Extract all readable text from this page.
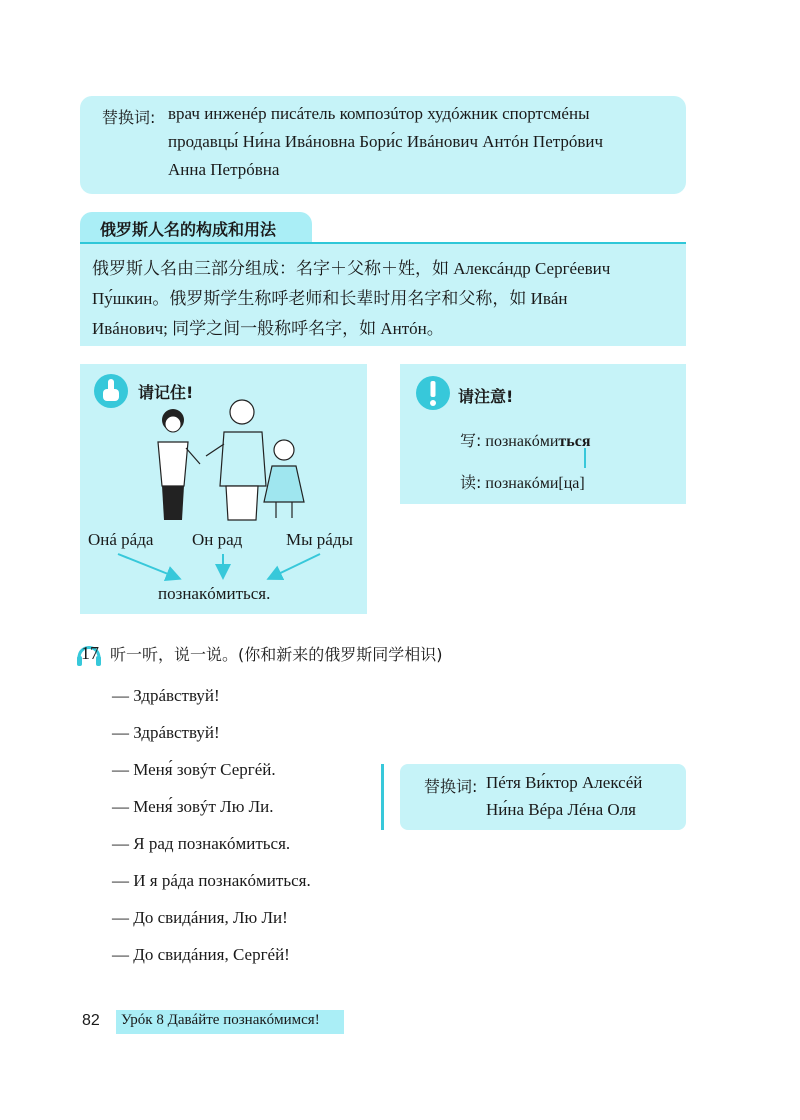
替换词: врач инженéр писáтель композúтор худóжник спортсмéны
продавцы́ Ни́на Ивáновна Бори́с Ивáнович Антóн Петрóвич
Анна Петрóвна
俄罗斯人名的构成和用法
俄罗斯人名由三部分组成：名字＋父称＋姓，如 Алексáндр Сергéевич
Пу́шкин。俄罗斯学生称呼老师和长辈时用名字和父称，如 Ивáн
Ивáнович; 同学之间一般称呼名字，如 Антóн。
请记住!
Онá рáда Он рад	Мы рáды
познакóмиться.
请注意!
写: познакóмиться
读: познакóми[ца]
17 听一听，说一说。(你和新来的俄罗斯同学相识)
— Здрáвствуй!
— Здрáвствуй!
— Меня́ зовýт Сергéй.
— Меня́ зовýт Лю Ли.
— Я рад познакóмиться.
— И я рáда познакóмиться.
— До свидáния, Лю Ли!
— До свидáния, Сергéй!
替换词: Пéтя Ви́ктор Алексéй
Ни́на Вéра Лéна Оля
82 Урóк 8 Давáйте познакóмимся!
